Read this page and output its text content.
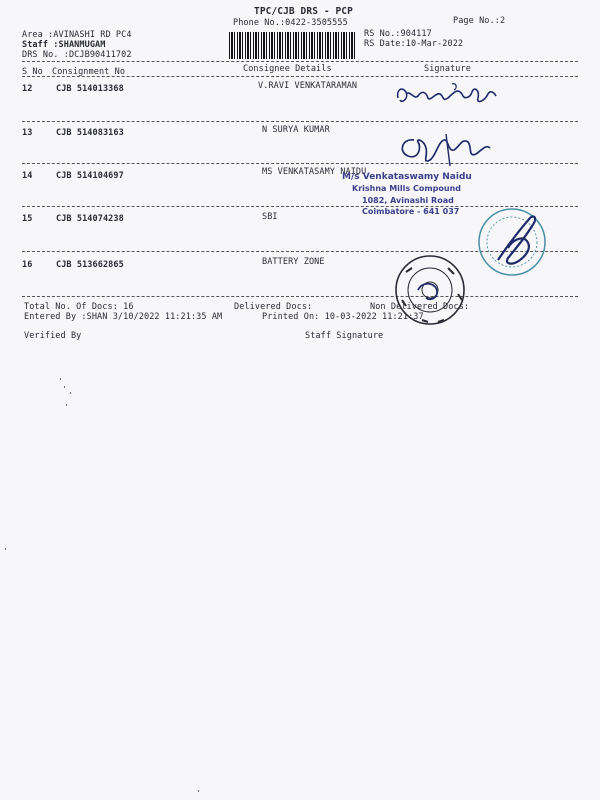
TPC/CJB DRS - PCP
Phone No.:0422-3505555	Page No.:2
Area :AVINASHI RD PC4
Staff :SHANMUGAM
DRS No. :DCJB90411702
RS No.:904117
RS Date:10-Mar-2022
S No Consignment No	Consignee Details	Signature
12	CJB 514013368	V.RAVI VENKATARAMAN
13	CJB 514083163	N SURYA KUMAR
14	CJB 514104697	MS VENKATASAMY NAIDU
15	CJB 514074238	SBI
16	CJB 513662865	BATTERY ZONE
Total No. Of Docs: 16	Delivered Docs:	Non Delivered Docs:
Entered By :SHAN 3/10/2022 11:21:35 AM	Printed On: 10-03-2022 11:21:37
Verified By	Staff Signature
M/s Venkataswamy Naidu
Krishna Mills Compound
1082, Avinashi Road
Coimbatore - 641 037
